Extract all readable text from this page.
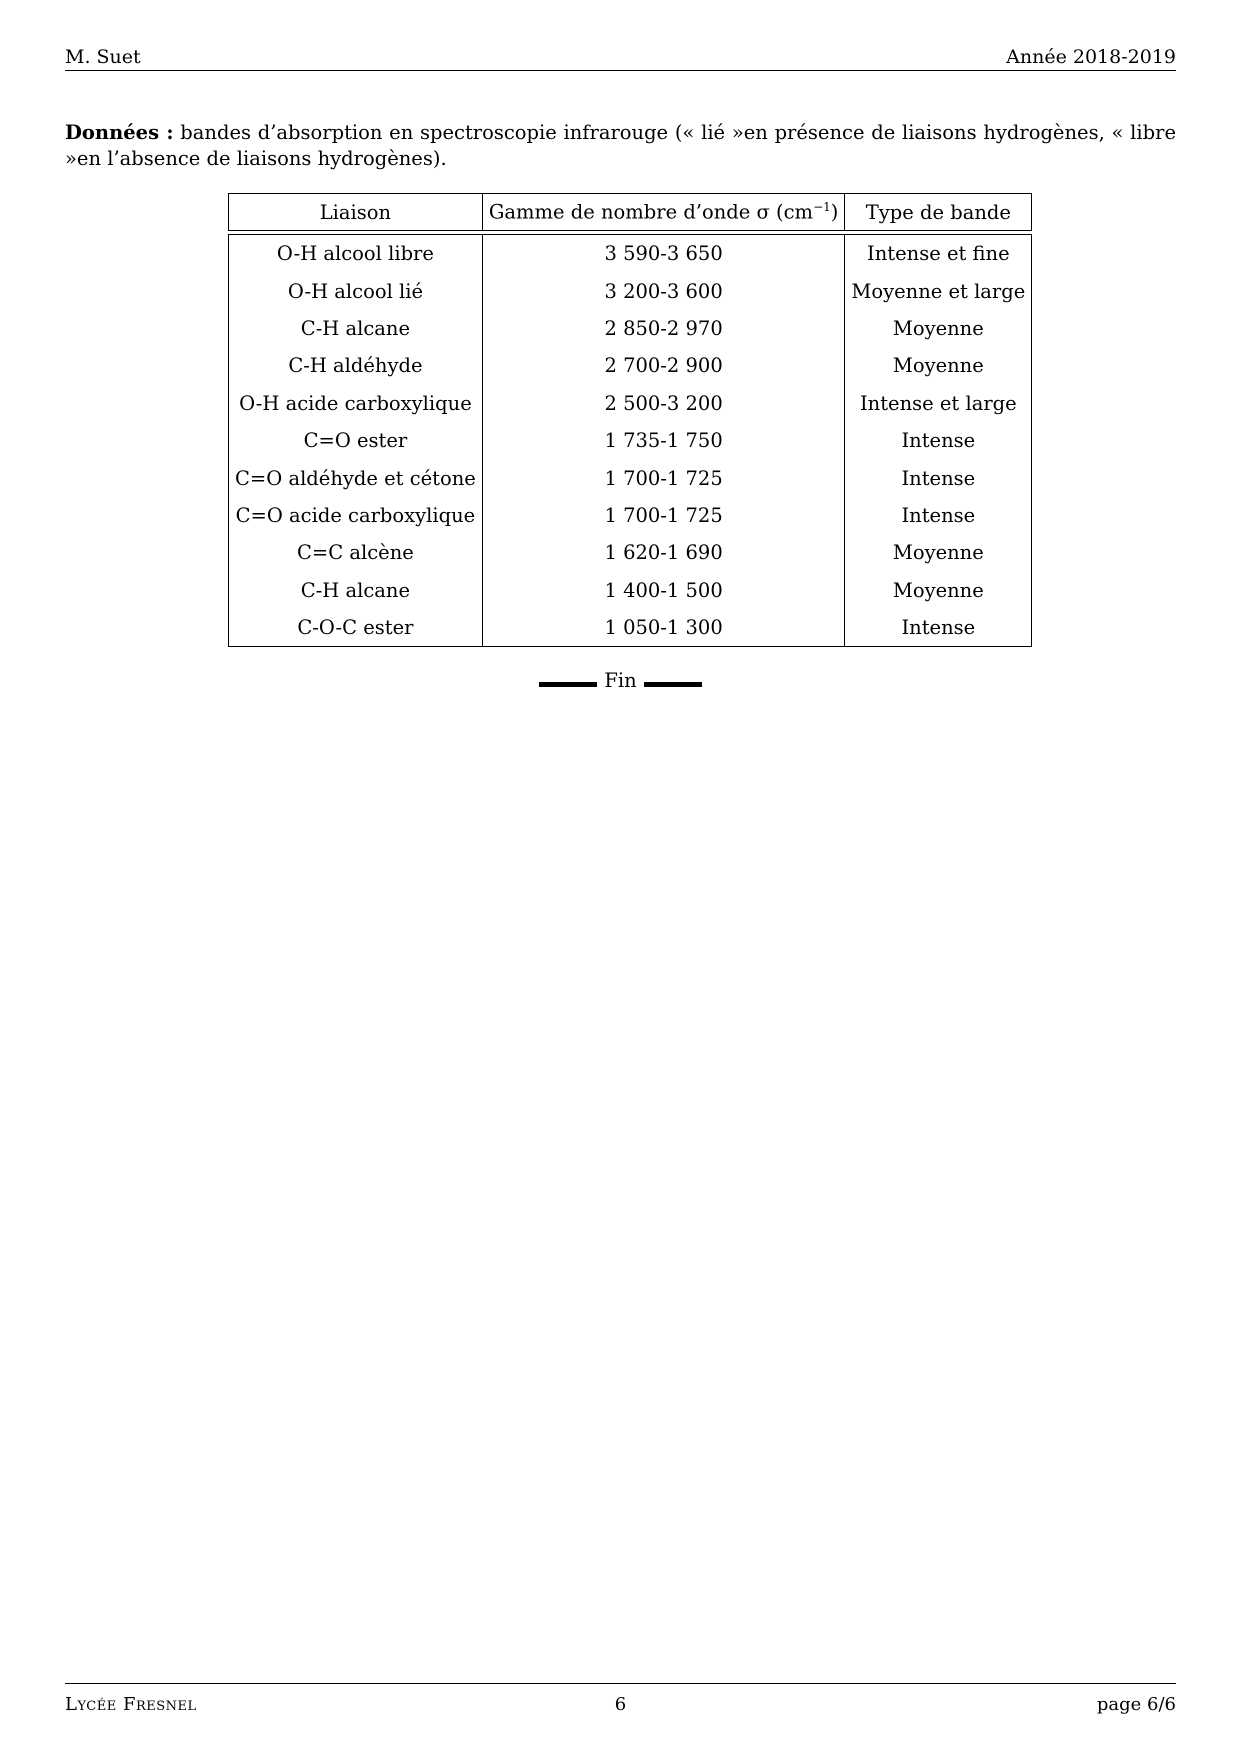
M. Suet	Année 2018-2019
Données : bandes d’absorption en spectroscopie infrarouge (« lié »en présence de liaisons hydrogènes, « libre »en l’absence de liaisons hydrogènes).
Liaison	Gamme de nombre d’onde σ $(cm^{-1})$	Type de bande

O-H alcool libre	3 590-3 650	Intense et fine
O-H alcool lié	3 200-3 600	Moyenne et large
C-H alcane	2 850-2 970	Moyenne
C-H aldéhyde	2 700-2 900	Moyenne
O-H acide carboxylique	2 500-3 200	Intense et large
C=O ester	1 735-1 750	Intense
C=O aldéhyde et cétone	1 700-1 725	Intense
C=O acide carboxylique	1 700-1 725	Intense
C=C alcène	1 620-1 690	Moyenne
C-H alcane	1 400-1 500	Moyenne
C-O-C ester	1 050-1 300	Intense
Fin
Lycée Fresnel	6	page 6/6
